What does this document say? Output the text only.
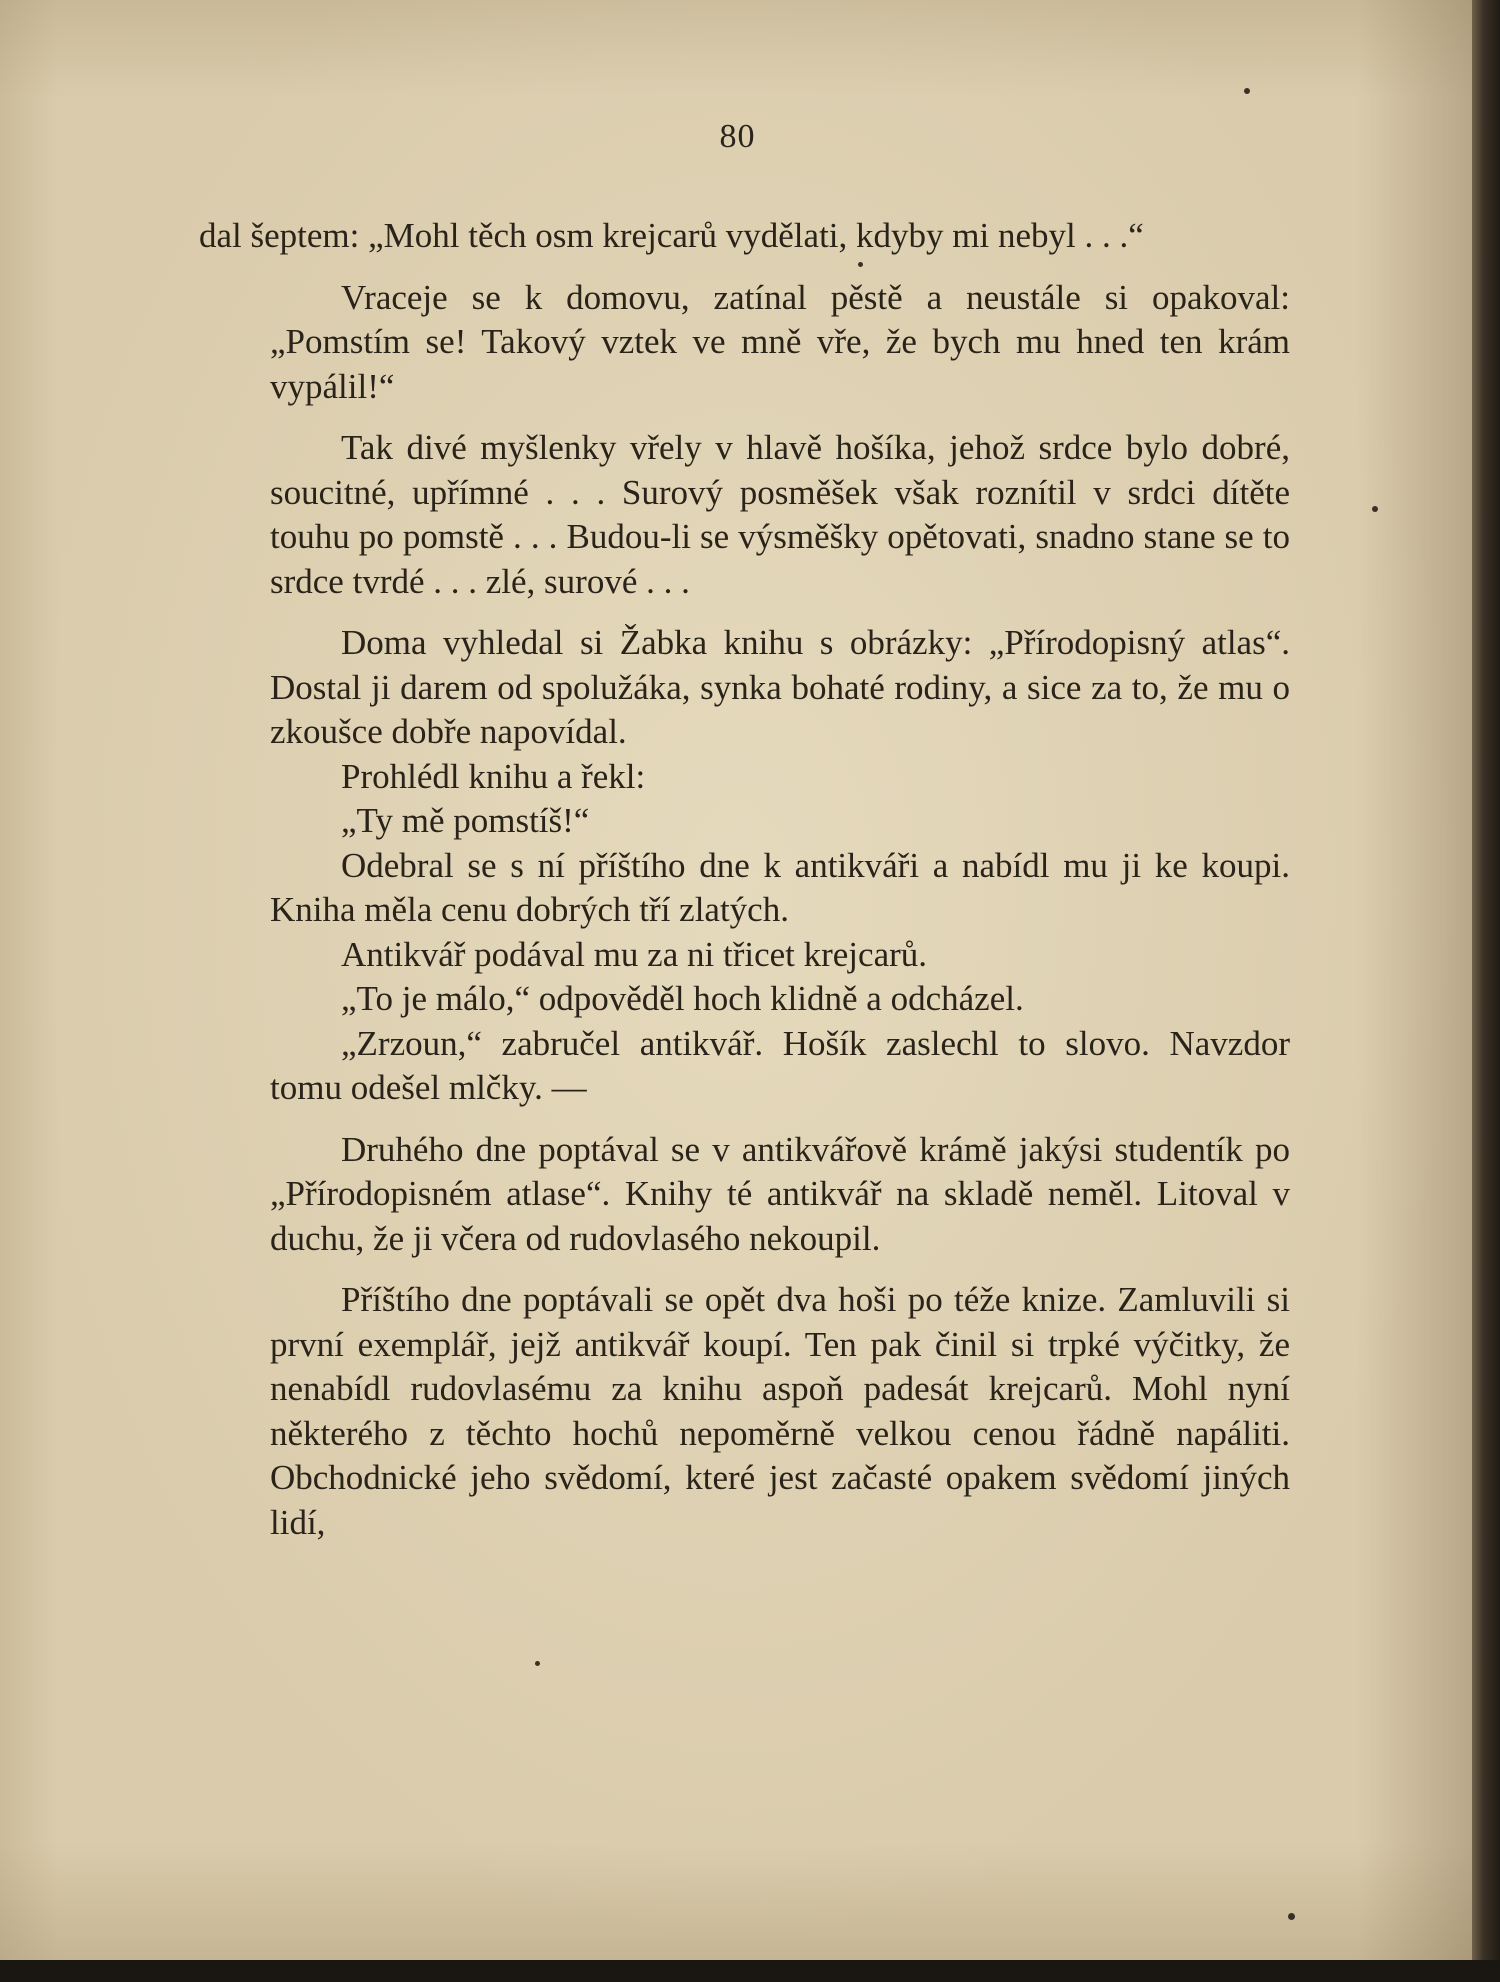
80

dal šeptem: „Mohl těch osm krejcarů vydělati, kdyby mi nebyl . . .“

Vraceje se k domovu, zatínal pěstě a neustále si opakoval: „Pomstím se! Takový vztek ve mně vře, že bych mu hned ten krám vypálil!“

Tak divé myšlenky vřely v hlavě hošíka, jehož srdce bylo dobré, soucitné, upřímné . . . Surový posměšek však roznítil v srdci dítěte touhu po pomstě . . . Budou-li se výsměšky opětovati, snadno stane se to srdce tvrdé . . . zlé, surové . . .

Doma vyhledal si Žabka knihu s obrázky: „Přírodopisný atlas“. Dostal ji darem od spolužáka, synka bohaté rodiny, a sice za to, že mu o zkoušce dobře napovídal.

Prohlédl knihu a řekl:

„Ty mě pomstíš!“

Odebral se s ní příštího dne k antikváři a nabídl mu ji ke koupi. Kniha měla cenu dobrých tří zlatých.

Antikvář podával mu za ni třicet krejcarů.

„To je málo,“ odpověděl hoch klidně a odcházel.

„Zrzoun,“ zabručel antikvář. Hošík zaslechl to slovo. Navzdor tomu odešel mlčky. —

Druhého dne poptával se v antikvářově krámě jakýsi studentík po „Přírodopisném atlase“. Knihy té antikvář na skladě neměl. Litoval v duchu, že ji včera od rudovlasého nekoupil.

Příštího dne poptávali se opět dva hoši po téže knize. Zamluvili si první exemplář, jejž antikvář koupí. Ten pak činil si trpké výčitky, že nenabídl rudovlasému za knihu aspoň padesát krejcarů. Mohl nyní některého z těchto hochů nepoměrně velkou cenou řádně napáliti. Obchodnické jeho svědomí, které jest začasté opakem svědomí jiných lidí,
